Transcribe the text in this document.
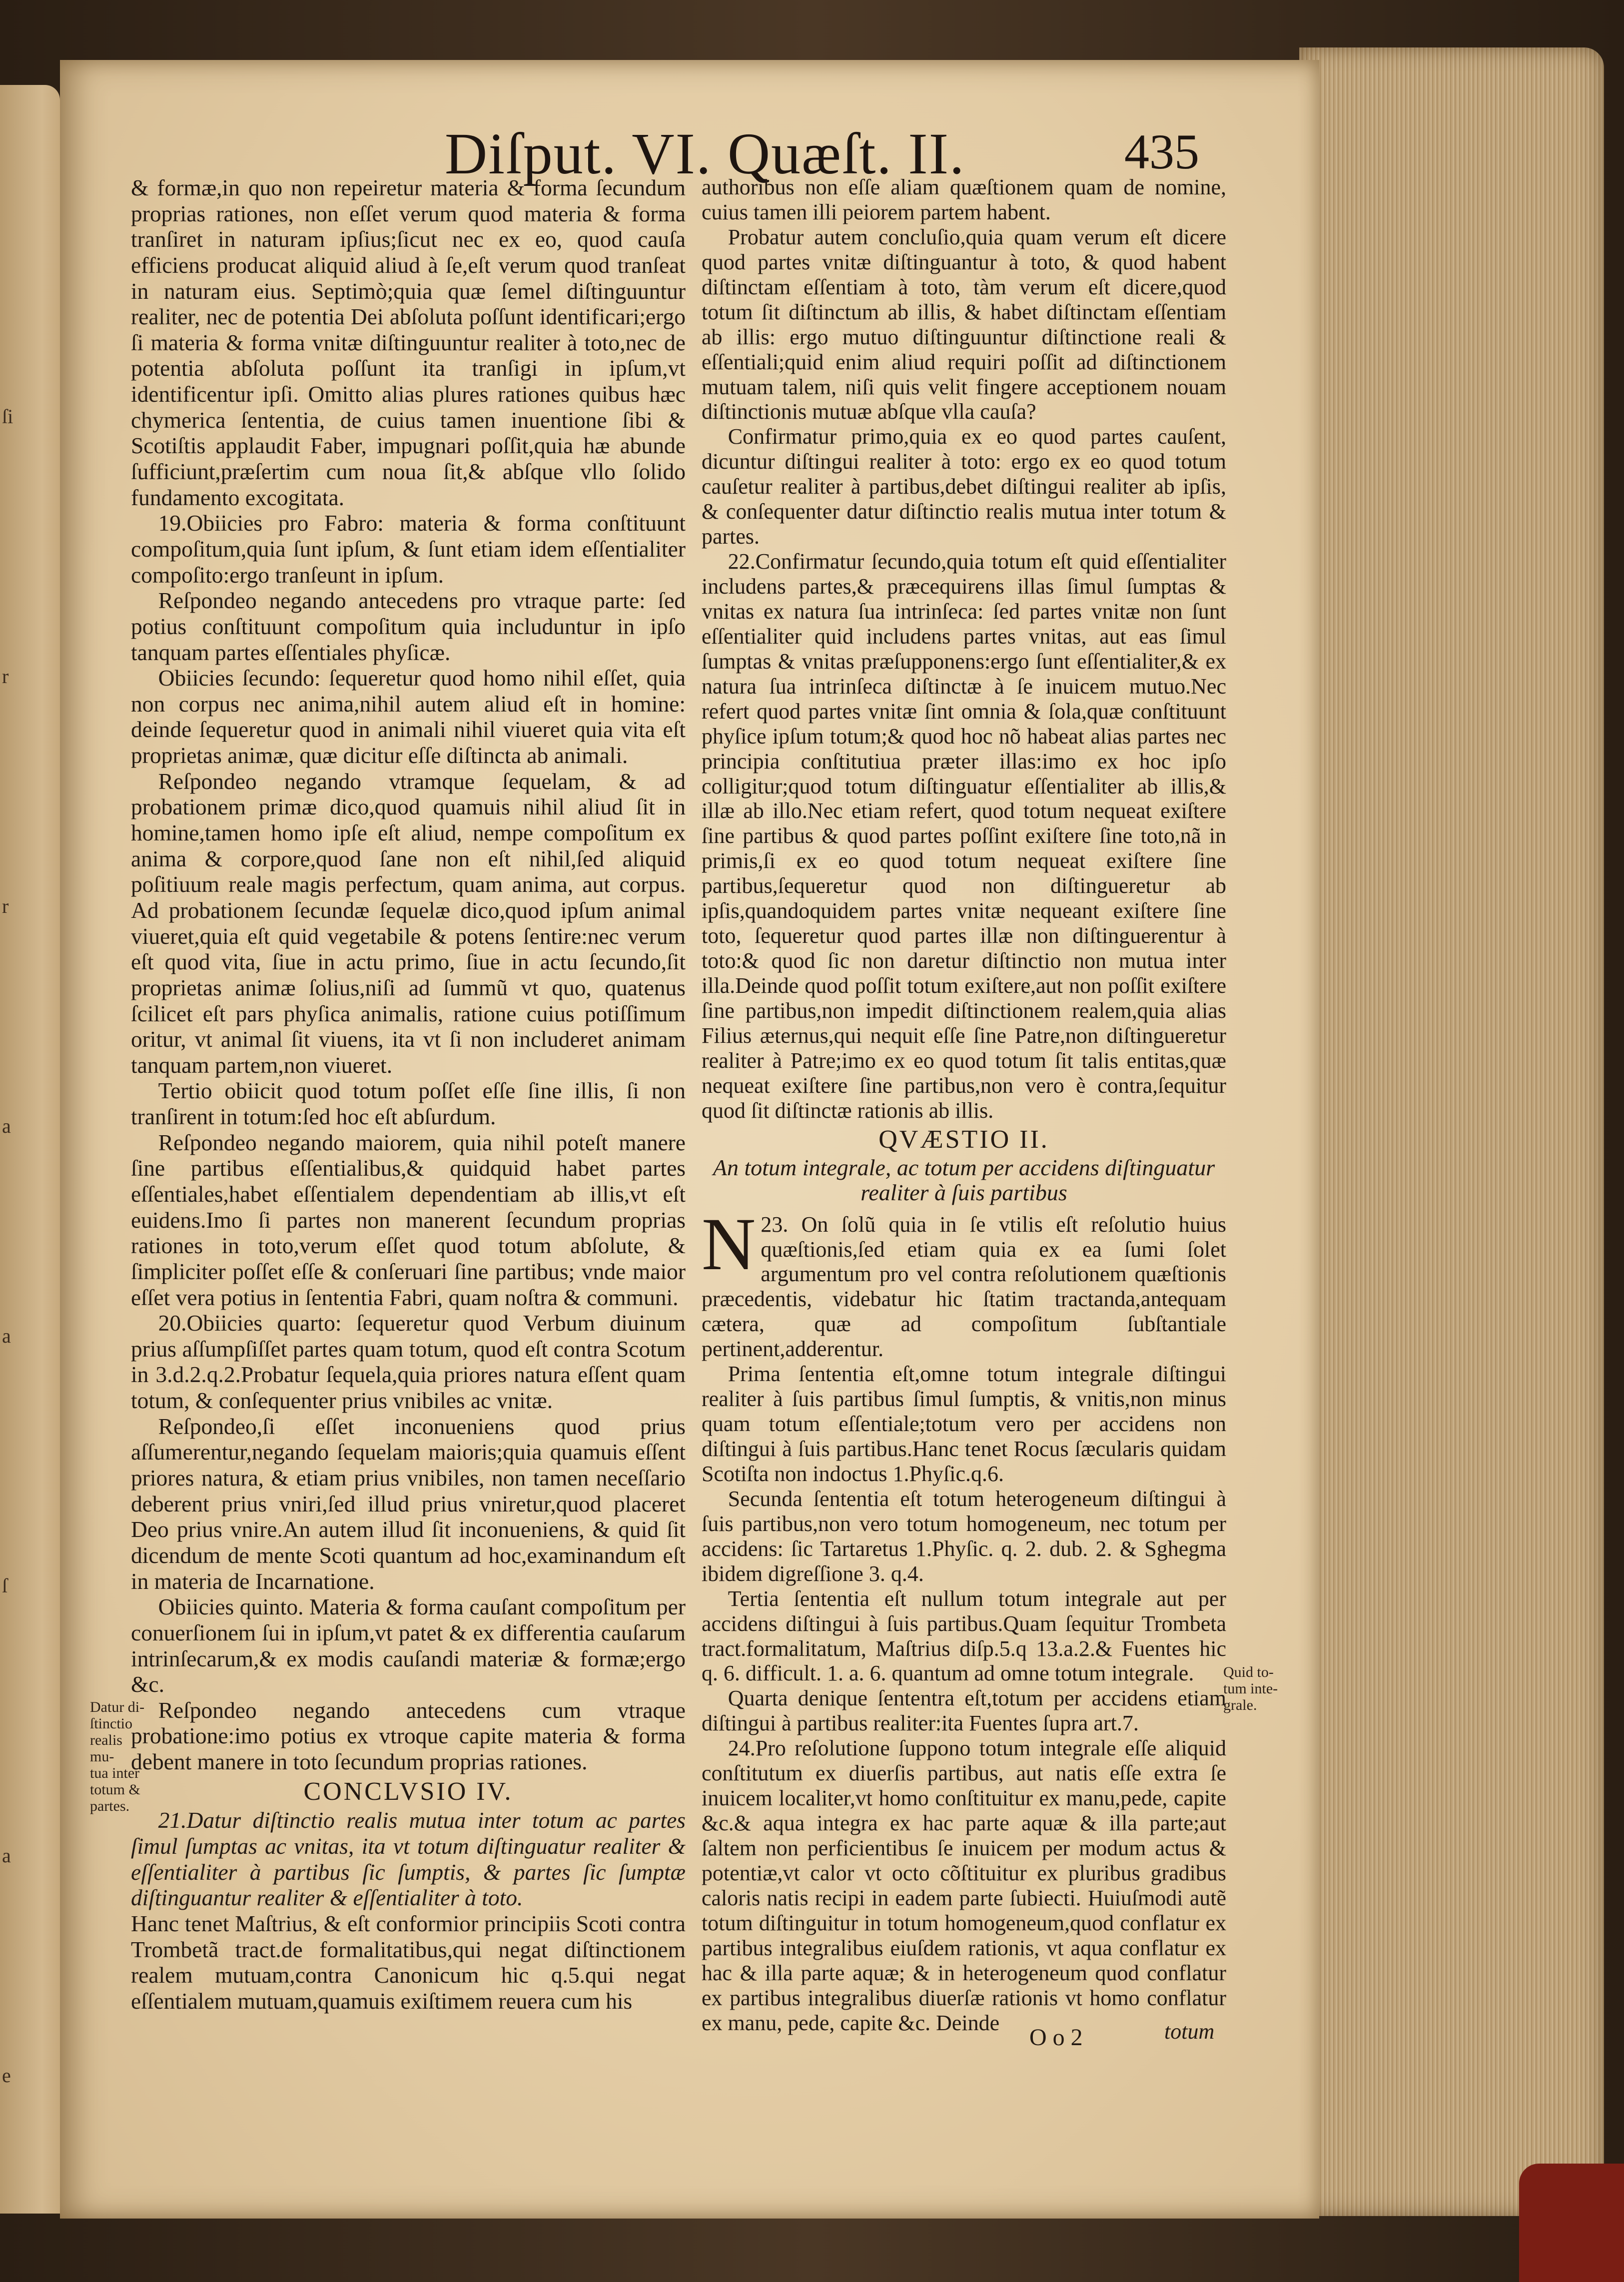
ſi
r
r
a
a
ſ
a
e
Diſput. VI. Quæſt. II.	435

& formæ,in quo non repeiretur materia & forma ſecundum proprias rationes, non eſſet verum quod materia & forma tranſiret in naturam ipſius;ſicut nec ex eo, quod cauſa efficiens producat aliquid aliud à ſe,eſt verum quod tranſeat in naturam eius. Septimò;quia quæ ſemel diſtinguuntur realiter, nec de potentia Dei abſoluta poſſunt identificari;ergo ſi materia & forma vnitæ diſtinguuntur realiter à toto,nec de potentia abſoluta poſſunt ita tranſigi in ipſum,vt identificentur ipſi. Omitto alias plures rationes quibus hæc chymerica ſententia, de cuius tamen inuentione ſibi & Scotiſtis applaudit Faber, impugnari poſſit,quia hæ abunde ſufficiunt,præſertim cum noua ſit,& abſque vllo ſolido fundamento excogitata.

19.Obiicies pro Fabro: materia & forma conſtituunt compoſitum,quia ſunt ipſum, & ſunt etiam idem eſſentialiter compoſito:ergo tranſeunt in ipſum.

Reſpondeo negando antecedens pro vtraque parte: ſed potius conſtituunt compoſitum quia includuntur in ipſo tanquam partes eſſentiales phyſicæ.

Obiicies ſecundo: ſequeretur quod homo nihil eſſet, quia non corpus nec anima,nihil autem aliud eſt in homine: deinde ſequeretur quod in animali nihil viueret quia vita eſt proprietas animæ, quæ dicitur eſſe diſtincta ab animali.

Reſpondeo negando vtramque ſequelam, & ad probationem primæ dico,quod quamuis nihil aliud ſit in homine,tamen homo ipſe eſt aliud, nempe compoſitum ex anima & corpore,quod ſane non eſt nihil,ſed aliquid poſitiuum reale magis perfectum, quam anima, aut corpus. Ad probationem ſecundæ ſequelæ dico,quod ipſum animal viueret,quia eſt quid vegetabile & potens ſentire:nec verum eſt quod vita, ſiue in actu primo, ſiue in actu ſecundo,ſit proprietas animæ ſolius,niſi ad ſummũ vt quo, quatenus ſcilicet eſt pars phyſica animalis, ratione cuius potiſſimum oritur, vt animal ſit viuens, ita vt ſi non includeret animam tanquam partem,non viueret.

Tertio obiicit quod totum poſſet eſſe ſine illis, ſi non tranſirent in totum:ſed hoc eſt abſurdum.

Reſpondeo negando maiorem, quia nihil poteſt manere ſine partibus eſſentialibus,& quidquid habet partes eſſentiales,habet eſſentialem dependentiam ab illis,vt eſt euidens.Imo ſi partes non manerent ſecundum proprias rationes in toto,verum eſſet quod totum abſolute, & ſimpliciter poſſet eſſe & conſeruari ſine partibus; vnde maior eſſet vera potius in ſententia Fabri, quam noſtra & communi.

20.Obiicies quarto: ſequeretur quod Verbum diuinum prius aſſumpſiſſet partes quam totum, quod eſt contra Scotum in 3.d.2.q.2.Probatur ſequela,quia priores natura eſſent quam totum, & conſequenter prius vnibiles ac vnitæ.

Reſpondeo,ſi eſſet inconueniens quod prius aſſumerentur,negando ſequelam maioris;quia quamuis eſſent priores natura, & etiam prius vnibiles, non tamen neceſſario deberent prius vniri,ſed illud prius vniretur,quod placeret Deo prius vnire.An autem illud ſit inconueniens, & quid ſit dicendum de mente Scoti quantum ad hoc,examinandum eſt in materia de Incarnatione.

Obiicies quinto. Materia & forma cauſant compoſitum per conuerſionem ſui in ipſum,vt patet & ex differentia cauſarum intrinſecarum,& ex modis cauſandi materiæ & formæ;ergo &c.

Reſpondeo negando antecedens cum vtraque probatione:imo potius ex vtroque capite materia & forma debent manere in toto ſecundum proprias rationes.

CONCLVSIO IV.

21.Datur diſtinctio realis mutua inter totum ac partes ſimul ſumptas ac vnitas, ita vt totum diſtinguatur realiter & eſſentialiter à partibus ſic ſumptis, & partes ſic ſumptæ diſtinguantur realiter & eſſentialiter à toto.

Hanc tenet Maſtrius, & eſt conformior principiis Scoti contra Trombetã tract.de formalitatibus,qui negat diſtinctionem realem mutuam,contra Canonicum hic q.5.qui negat eſſentialem mutuam,quamuis exiſtimem reuera cum his

Datur di-
ſtinctio
realis mu-
tua inter
totum &
partes.

authoribus non eſſe aliam quæſtionem quam de nomine, cuius tamen illi peiorem partem habent.

Probatur autem concluſio,quia quam verum eſt dicere quod partes vnitæ diſtinguantur à toto, & quod habent diſtinctam eſſentiam à toto, tàm verum eſt dicere,quod totum ſit diſtinctum ab illis, & habet diſtinctam eſſentiam ab illis: ergo mutuo diſtinguuntur diſtinctione reali & eſſentiali;quid enim aliud requiri poſſit ad diſtinctionem mutuam talem, niſi quis velit fingere acceptionem nouam diſtinctionis mutuæ abſque vlla cauſa?

Confirmatur primo,quia ex eo quod partes cauſent, dicuntur diſtingui realiter à toto: ergo ex eo quod totum cauſetur realiter à partibus,debet diſtingui realiter ab ipſis, & conſequenter datur diſtinctio realis mutua inter totum & partes.

22.Confirmatur ſecundo,quia totum eſt quid eſſentialiter includens partes,& præcequirens illas ſimul ſumptas & vnitas ex natura ſua intrinſeca: ſed partes vnitæ non ſunt eſſentialiter quid includens partes vnitas, aut eas ſimul ſumptas & vnitas præſupponens:ergo ſunt eſſentialiter,& ex natura ſua intrinſeca diſtinctæ à ſe inuicem mutuo.Nec refert quod partes vnitæ ſint omnia & ſola,quæ conſtituunt phyſice ipſum totum;& quod hoc nõ habeat alias partes nec principia conſtitutiua præter illas:imo ex hoc ipſo colligitur;quod totum diſtinguatur eſſentialiter ab illis,& illæ ab illo.Nec etiam refert, quod totum nequeat exiſtere ſine partibus & quod partes poſſint exiſtere ſine toto,nã in primis,ſi ex eo quod totum nequeat exiſtere ſine partibus,ſequeretur quod non diſtingueretur ab ipſis,quandoquidem partes vnitæ nequeant exiſtere ſine toto, ſequeretur quod partes illæ non diſtinguerentur à toto:& quod ſic non daretur diſtinctio non mutua inter illa.Deinde quod poſſit totum exiſtere,aut non poſſit exiſtere ſine partibus,non impedit diſtinctionem realem,quia alias Filius æternus,qui nequit eſſe ſine Patre,non diſtingueretur realiter à Patre;imo ex eo quod totum ſit talis entitas,quæ nequeat exiſtere ſine partibus,non vero è contra,ſequitur quod ſit diſtinctæ rationis ab illis.

QVÆSTIO II.
An totum integrale, ac totum per accidens diſtinguatur realiter à ſuis partibus

23.
N On ſolũ quia in ſe vtilis eſt reſolutio huius quæſtionis,ſed etiam quia ex ea ſumi ſolet argumentum pro vel contra reſolutionem quæſtionis præcedentis, videbatur hic ſtatim tractanda,antequam cætera, quæ ad compoſitum ſubſtantiale pertinent,adderentur.

Prima ſententia eſt,omne totum integrale diſtingui realiter à ſuis partibus ſimul ſumptis, & vnitis,non minus quam totum eſſentiale;totum vero per accidens non diſtingui à ſuis partibus.Hanc tenet Rocus ſæcularis quidam Scotiſta non indoctus 1.Phyſic.q.6.

Secunda ſententia eſt totum heterogeneum diſtingui à ſuis partibus,non vero totum homogeneum, nec totum per accidens: ſic Tartaretus 1.Phyſic. q. 2. dub. 2. & Sghegma ibidem digreſſione 3. q.4.

Tertia ſententia eſt nullum totum integrale aut per accidens diſtingui à ſuis partibus.Quam ſequitur Trombeta tract.formalitatum, Maſtrius diſp.5.q 13.a.2.& Fuentes hic q. 6. difficult. 1. a. 6. quantum ad omne totum integrale.

Quarta denique ſententra eſt,totum per accidens etiam diſtingui à partibus realiter:ita Fuentes ſupra art.7.

24.Pro reſolutione ſuppono totum integrale eſſe aliquid conſtitutum ex diuerſis partibus, aut natis eſſe extra ſe inuicem localiter,vt homo conſtituitur ex manu,pede, capite &c.& aqua integra ex hac parte aquæ & illa parte;aut ſaltem non perficientibus ſe inuicem per modum actus & potentiæ,vt calor vt octo cõſtituitur ex pluribus gradibus caloris natis recipi in eadem parte ſubiecti. Huiuſmodi autẽ totum diſtinguitur in totum homogeneum,quod conflatur ex partibus integralibus eiuſdem rationis, vt aqua conflatur ex hac & illa parte aquæ; & in heterogeneum quod conflatur ex partibus integralibus diuerſæ rationis vt homo conflatur ex manu, pede, capite &c. Deinde

Quid to-
tum inte-
grale.
O o 2	totum
